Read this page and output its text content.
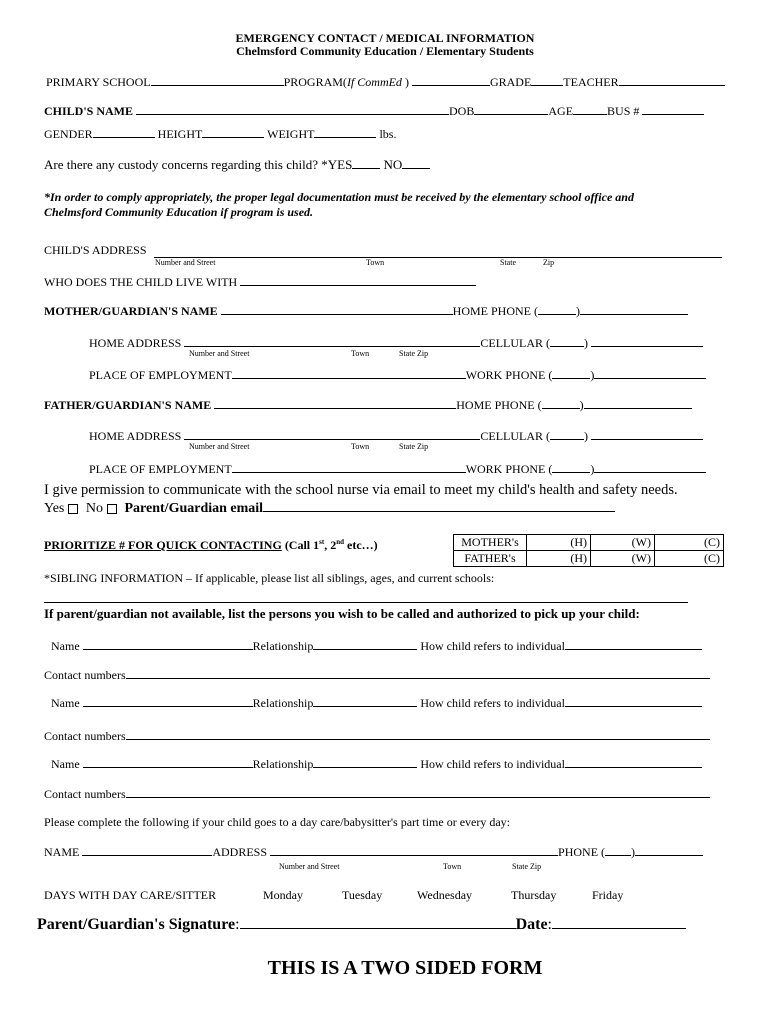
EMERGENCY CONTACT / MEDICAL INFORMATION
Chelmsford Community Education / Elementary Students
PRIMARY SCHOOL	PROGRAM(If CommEd )	GRADE	TEACHER
CHILD'S NAME	DOB	AGE	BUS #
GENDER	HEIGHT	WEIGHT	lbs.
Are there any custody concerns regarding this child? *YES NO
*In order to comply appropriately, the proper legal documentation must be received by the elementary school office and Chelmsford Community Education if program is used.
CHILD'S ADDRESS
Number and Street	Town	State	Zip
WHO DOES THE CHILD LIVE WITH
MOTHER/GUARDIAN'S NAME	HOME PHONE (	)
HOME ADDRESS	CELLULAR (	)
Number and Street	Town	State Zip
PLACE OF EMPLOYMENT	WORK PHONE (	)
FATHER/GUARDIAN'S NAME	HOME PHONE (	)
HOME ADDRESS	CELLULAR (	)
Number and Street	Town	State Zip
PLACE OF EMPLOYMENT	WORK PHONE (	)
I give permission to communicate with the school nurse via email to meet my child's health and safety needs.
Yes No Parent/Guardian email
PRIORITIZE # FOR QUICK CONTACTING (Call 1st, 2nd etc…)	MOTHER's	(H)	(W)	(C)
FATHER's	(H)	(W)	(C)
*SIBLING INFORMATION – If applicable, please list all siblings, ages, and current schools:
If parent/guardian not available, list the persons you wish to be called and authorized to pick up your child:
Name	Relationship	How child refers to individual
Contact numbers
Name	Relationship	How child refers to individual
Contact numbers
Name	Relationship	How child refers to individual
Contact numbers
Please complete the following if your child goes to a day care/babysitter's part time or every day:
NAME	ADDRESS	PHONE ( )
Number and Street	Town	State Zip
DAYS WITH DAY CARE/SITTER	Monday	Tuesday	Wednesday	Thursday	Friday
Parent/Guardian's Signature:	Date:
THIS IS A TWO SIDED FORM
